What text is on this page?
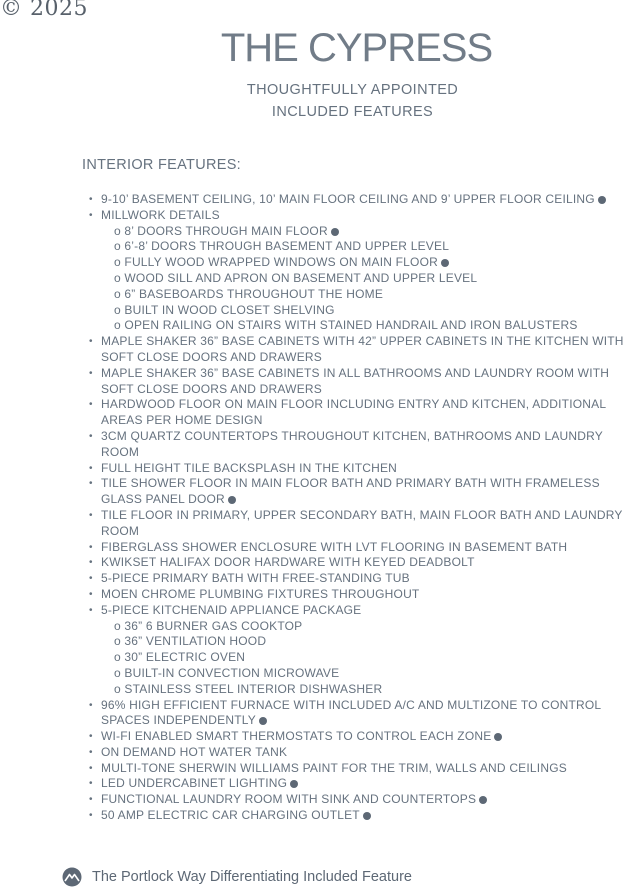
© 2025
THE CYPRESS
THOUGHTFULLY APPOINTED
INCLUDED FEATURES
INTERIOR FEATURES:
• 9-10’ BASEMENT CEILING, 10’ MAIN FLOOR CEILING AND 9’ UPPER FLOOR CEILING
• MILLWORK DETAILS
o 8’ DOORS THROUGH MAIN FLOOR
o 6’-8’ DOORS THROUGH BASEMENT AND UPPER LEVEL
o FULLY WOOD WRAPPED WINDOWS ON MAIN FLOOR
o WOOD SILL AND APRON ON BASEMENT AND UPPER LEVEL
o 6” BASEBOARDS THROUGHOUT THE HOME
o BUILT IN WOOD CLOSET SHELVING
o OPEN RAILING ON STAIRS WITH STAINED HANDRAIL AND IRON BALUSTERS
• MAPLE SHAKER 36” BASE CABINETS WITH 42” UPPER CABINETS IN THE KITCHEN WITH
SOFT CLOSE DOORS AND DRAWERS
• MAPLE SHAKER 36” BASE CABINETS IN ALL BATHROOMS AND LAUNDRY ROOM WITH
SOFT CLOSE DOORS AND DRAWERS
• HARDWOOD FLOOR ON MAIN FLOOR INCLUDING ENTRY AND KITCHEN, ADDITIONAL
AREAS PER HOME DESIGN
• 3CM QUARTZ COUNTERTOPS THROUGHOUT KITCHEN, BATHROOMS AND LAUNDRY
ROOM
• FULL HEIGHT TILE BACKSPLASH IN THE KITCHEN
• TILE SHOWER FLOOR IN MAIN FLOOR BATH AND PRIMARY BATH WITH FRAMELESS
GLASS PANEL DOOR
• TILE FLOOR IN PRIMARY, UPPER SECONDARY BATH, MAIN FLOOR BATH AND LAUNDRY
ROOM
• FIBERGLASS SHOWER ENCLOSURE WITH LVT FLOORING IN BASEMENT BATH
• KWIKSET HALIFAX DOOR HARDWARE WITH KEYED DEADBOLT
• 5-PIECE PRIMARY BATH WITH FREE-STANDING TUB
• MOEN CHROME PLUMBING FIXTURES THROUGHOUT
• 5-PIECE KITCHENAID APPLIANCE PACKAGE
o 36” 6 BURNER GAS COOKTOP
o 36” VENTILATION HOOD
o 30” ELECTRIC OVEN
o BUILT-IN CONVECTION MICROWAVE
o STAINLESS STEEL INTERIOR DISHWASHER
• 96% HIGH EFFICIENT FURNACE WITH INCLUDED A/C AND MULTIZONE TO CONTROL
SPACES INDEPENDENTLY
• WI-FI ENABLED SMART THERMOSTATS TO CONTROL EACH ZONE
• ON DEMAND HOT WATER TANK
• MULTI-TONE SHERWIN WILLIAMS PAINT FOR THE TRIM, WALLS AND CEILINGS
• LED UNDERCABINET LIGHTING
• FUNCTIONAL LAUNDRY ROOM WITH SINK AND COUNTERTOPS
• 50 AMP ELECTRIC CAR CHARGING OUTLET
The Portlock Way Differentiating Included Feature
